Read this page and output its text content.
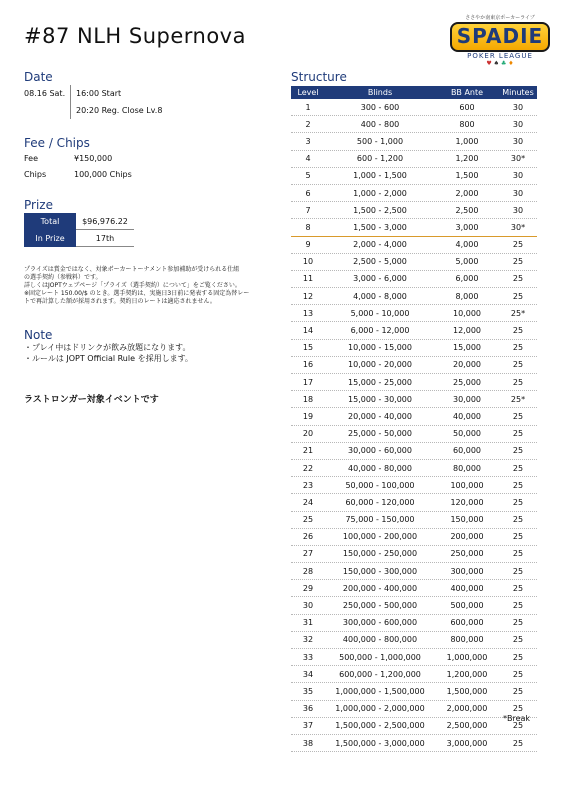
#87 NLH Supernova
ささやか南東京ポーカーライブ
SPADIE
POKER LEAGUE
♥ ♠ ♣ ♦
Date
08.16 Sat. 16:00 Start
20:20 Reg. Close Lv.8
Fee / Chips
Fee	¥150,000
Chips	100,000 Chips
Prize
Total	$96,976.22
In Prize	17th
プライズは賞金ではなく、対象ポーカートーナメント参加補助が受けられる仕組
の選手契約（参戦料）です。
詳しくはJOPTウェブページ「プライズ（選手契約）について」をご覧ください。
※固定レート 150.00/$ のとき。選手契約は、実施日3日前に発表する固定為替レー
トで再計算した額が採用されます。契約日のレートは適応されません。
Note
・プレイ中はドリンクが飲み放題になります。
・ルールは JOPT Official Rule を採用します。
ラストロンガー対象イベントです
Structure
Level	Blinds	BB Ante	Minutes
1	300 - 600	600	30
2	400 - 800	800	30
3	500 - 1,000	1,000	30
4	600 - 1,200	1,200	30*
5	1,000 - 1,500	1,500	30
6	1,000 - 2,000	2,000	30
7	1,500 - 2,500	2,500	30
8	1,500 - 3,000	3,000	30*
9	2,000 - 4,000	4,000	25
10	2,500 - 5,000	5,000	25
11	3,000 - 6,000	6,000	25
12	4,000 - 8,000	8,000	25
13	5,000 - 10,000	10,000	25*
14	6,000 - 12,000	12,000	25
15	10,000 - 15,000	15,000	25
16	10,000 - 20,000	20,000	25
17	15,000 - 25,000	25,000	25
18	15,000 - 30,000	30,000	25*
19	20,000 - 40,000	40,000	25
20	25,000 - 50,000	50,000	25
21	30,000 - 60,000	60,000	25
22	40,000 - 80,000	80,000	25
23	50,000 - 100,000	100,000	25
24	60,000 - 120,000	120,000	25
25	75,000 - 150,000	150,000	25
26	100,000 - 200,000	200,000	25
27	150,000 - 250,000	250,000	25
28	150,000 - 300,000	300,000	25
29	200,000 - 400,000	400,000	25
30	250,000 - 500,000	500,000	25
31	300,000 - 600,000	600,000	25
32	400,000 - 800,000	800,000	25
33	500,000 - 1,000,000	1,000,000	25
34	600,000 - 1,200,000	1,200,000	25
35	1,000,000 - 1,500,000	1,500,000	25
36	1,000,000 - 2,000,000	2,000,000	25
37	1,500,000 - 2,500,000	2,500,000	25
38	1,500,000 - 3,000,000	3,000,000	25
*Break
